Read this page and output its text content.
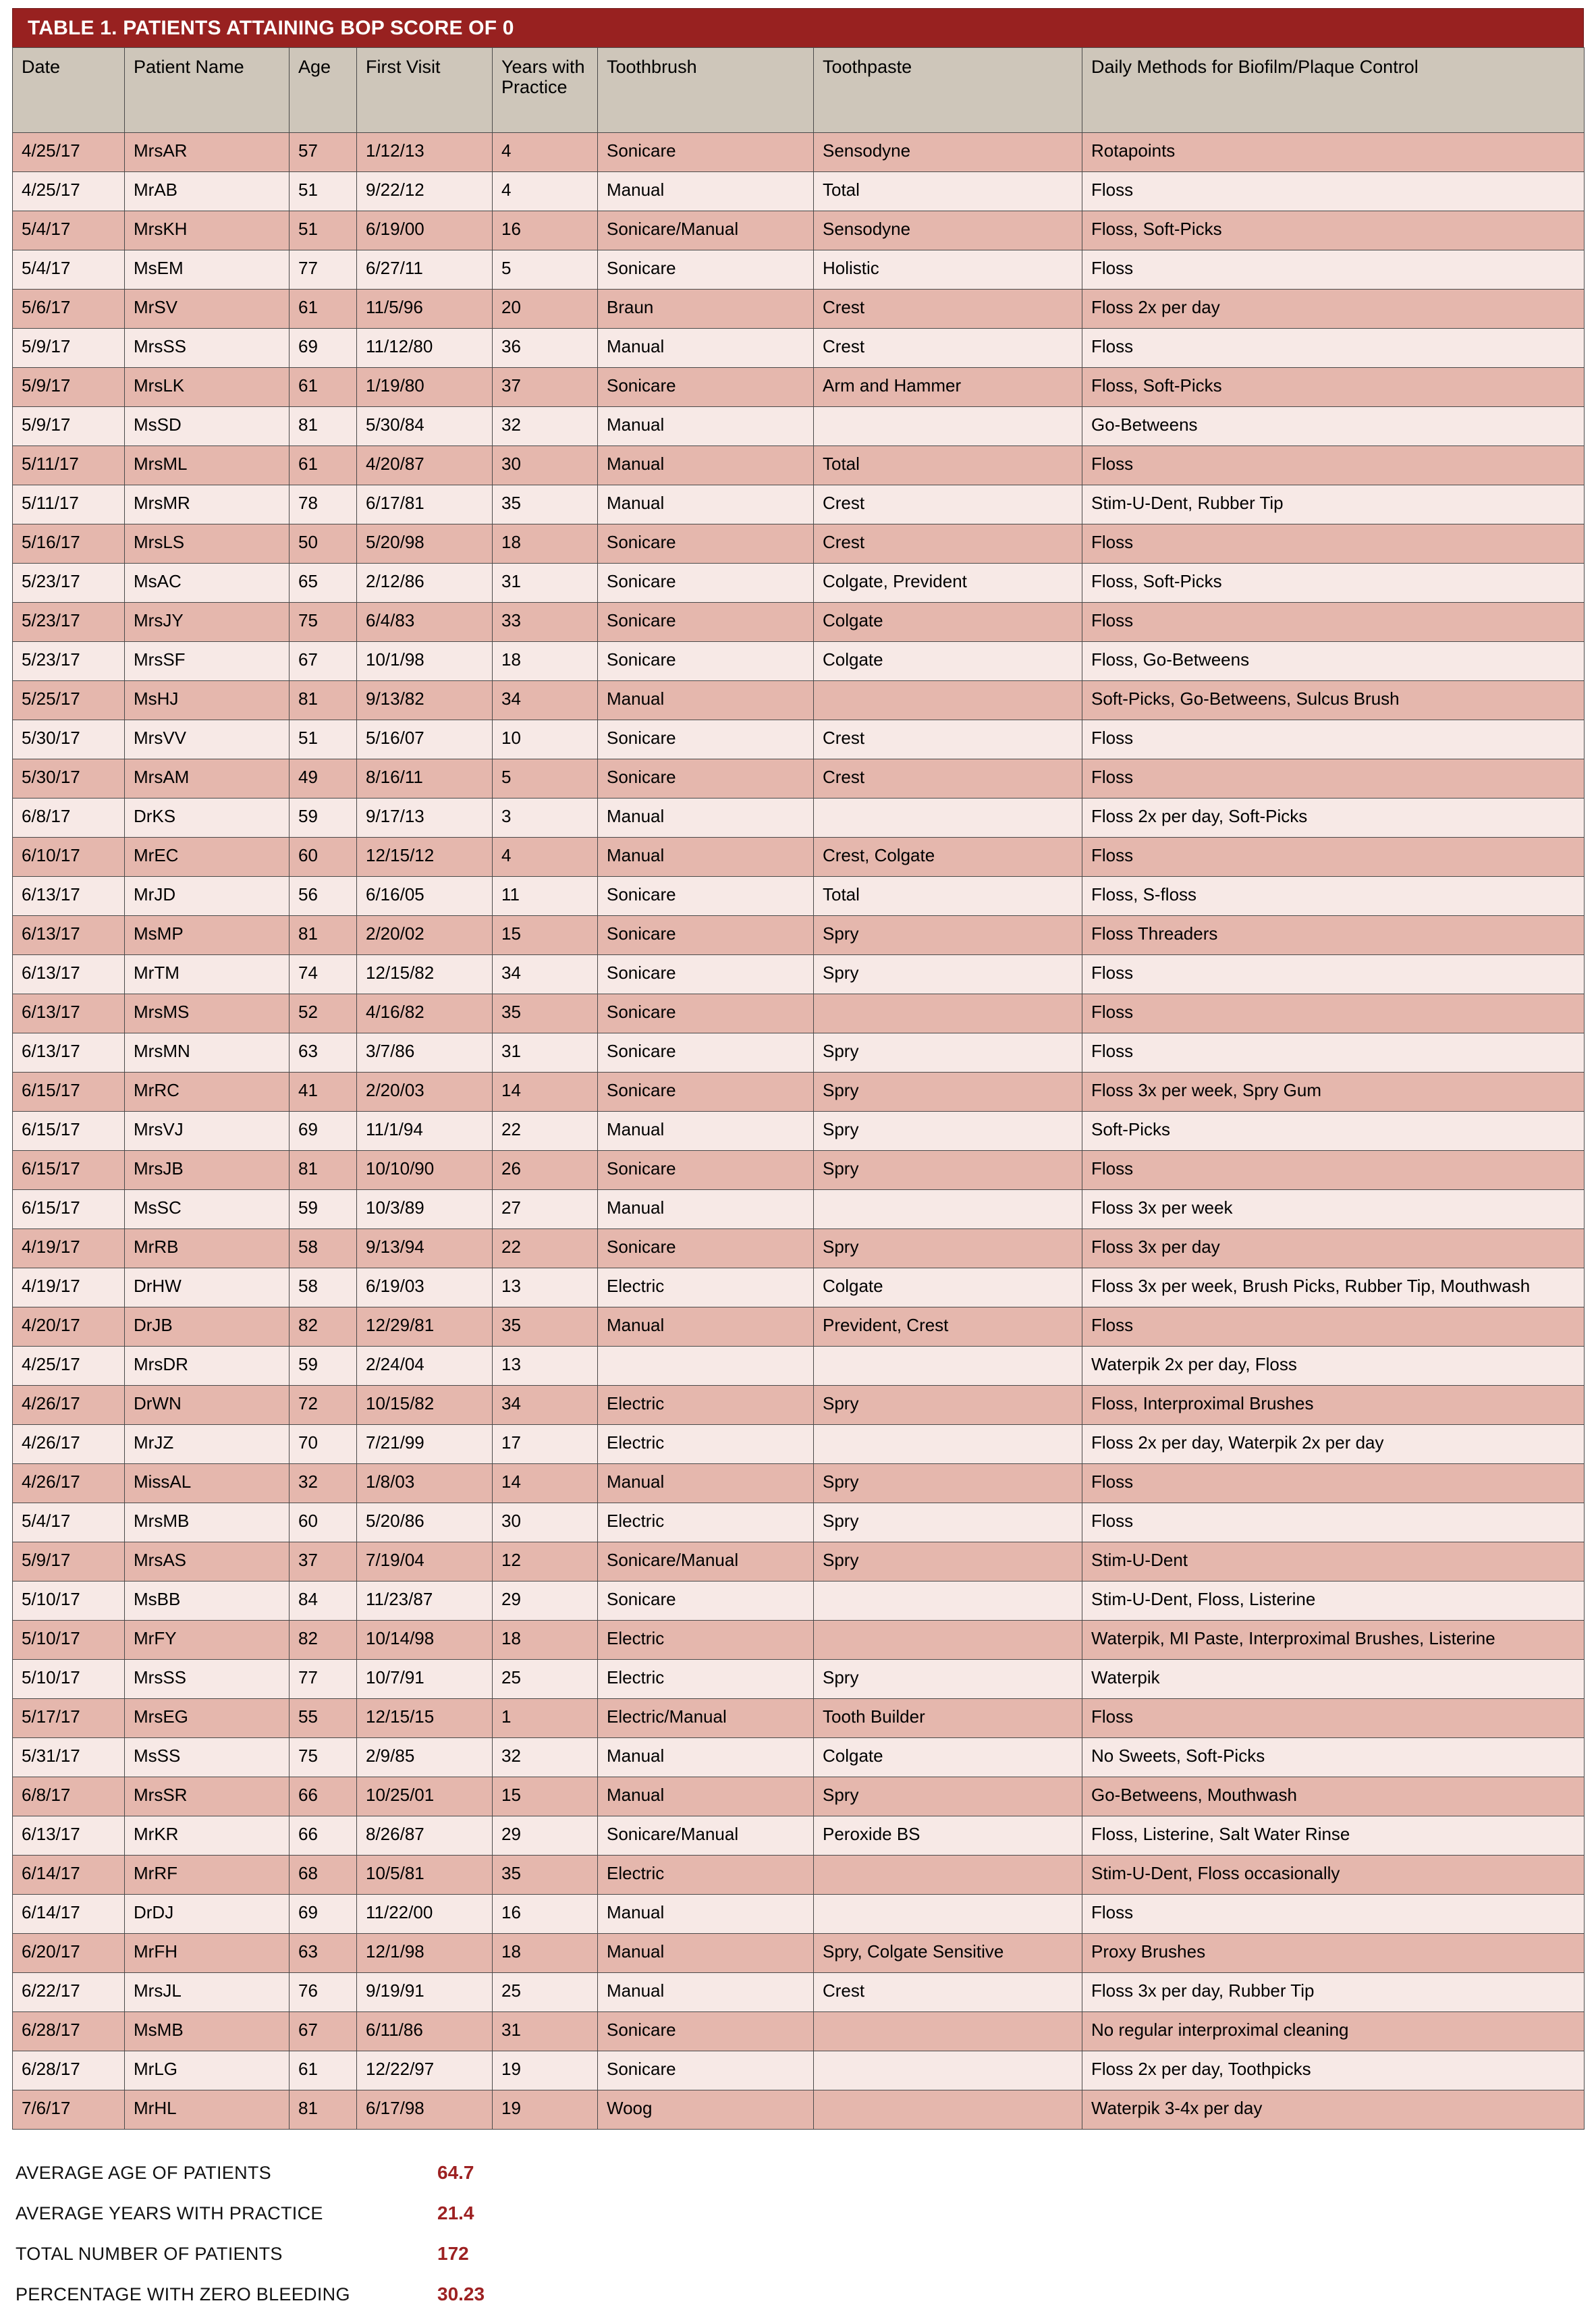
TABLE 1. PATIENTS ATTAINING BOP SCORE OF 0
Date	Patient Name	Age	First Visit	Years with Practice	Toothbrush	Toothpaste	Daily Methods for Biofilm/Plaque Control
4/25/17	MrsAR	57	1/12/13	4	Sonicare	Sensodyne	Rotapoints
4/25/17	MrAB	51	9/22/12	4	Manual	Total	Floss
5/4/17	MrsKH	51	6/19/00	16	Sonicare/Manual	Sensodyne	Floss, Soft-Picks
5/4/17	MsEM	77	6/27/11	5	Sonicare	Holistic	Floss
5/6/17	MrSV	61	11/5/96	20	Braun	Crest	Floss 2x per day
5/9/17	MrsSS	69	11/12/80	36	Manual	Crest	Floss
5/9/17	MrsLK	61	1/19/80	37	Sonicare	Arm and Hammer	Floss, Soft-Picks
5/9/17	MsSD	81	5/30/84	32	Manual		Go-Betweens
5/11/17	MrsML	61	4/20/87	30	Manual	Total	Floss
5/11/17	MrsMR	78	6/17/81	35	Manual	Crest	Stim-U-Dent, Rubber Tip
5/16/17	MrsLS	50	5/20/98	18	Sonicare	Crest	Floss
5/23/17	MsAC	65	2/12/86	31	Sonicare	Colgate, Prevident	Floss, Soft-Picks
5/23/17	MrsJY	75	6/4/83	33	Sonicare	Colgate	Floss
5/23/17	MrsSF	67	10/1/98	18	Sonicare	Colgate	Floss, Go-Betweens
5/25/17	MsHJ	81	9/13/82	34	Manual		Soft-Picks, Go-Betweens, Sulcus Brush
5/30/17	MrsVV	51	5/16/07	10	Sonicare	Crest	Floss
5/30/17	MrsAM	49	8/16/11	5	Sonicare	Crest	Floss
6/8/17	DrKS	59	9/17/13	3	Manual		Floss 2x per day, Soft-Picks
6/10/17	MrEC	60	12/15/12	4	Manual	Crest, Colgate	Floss
6/13/17	MrJD	56	6/16/05	11	Sonicare	Total	Floss, S-floss
6/13/17	MsMP	81	2/20/02	15	Sonicare	Spry	Floss Threaders
6/13/17	MrTM	74	12/15/82	34	Sonicare	Spry	Floss
6/13/17	MrsMS	52	4/16/82	35	Sonicare		Floss
6/13/17	MrsMN	63	3/7/86	31	Sonicare	Spry	Floss
6/15/17	MrRC	41	2/20/03	14	Sonicare	Spry	Floss 3x per week, Spry Gum
6/15/17	MrsVJ	69	11/1/94	22	Manual	Spry	Soft-Picks
6/15/17	MrsJB	81	10/10/90	26	Sonicare	Spry	Floss
6/15/17	MsSC	59	10/3/89	27	Manual		Floss 3x per week
4/19/17	MrRB	58	9/13/94	22	Sonicare	Spry	Floss 3x per day
4/19/17	DrHW	58	6/19/03	13	Electric	Colgate	Floss 3x per week, Brush Picks, Rubber Tip, Mouthwash
4/20/17	DrJB	82	12/29/81	35	Manual	Prevident, Crest	Floss
4/25/17	MrsDR	59	2/24/04	13			Waterpik 2x per day, Floss
4/26/17	DrWN	72	10/15/82	34	Electric	Spry	Floss, Interproximal Brushes
4/26/17	MrJZ	70	7/21/99	17	Electric		Floss 2x per day, Waterpik 2x per day
4/26/17	MissAL	32	1/8/03	14	Manual	Spry	Floss
5/4/17	MrsMB	60	5/20/86	30	Electric	Spry	Floss
5/9/17	MrsAS	37	7/19/04	12	Sonicare/Manual	Spry	Stim-U-Dent
5/10/17	MsBB	84	11/23/87	29	Sonicare		Stim-U-Dent, Floss, Listerine
5/10/17	MrFY	82	10/14/98	18	Electric		Waterpik, MI Paste, Interproximal Brushes, Listerine
5/10/17	MrsSS	77	10/7/91	25	Electric	Spry	Waterpik
5/17/17	MrsEG	55	12/15/15	1	Electric/Manual	Tooth Builder	Floss
5/31/17	MsSS	75	2/9/85	32	Manual	Colgate	No Sweets, Soft-Picks
6/8/17	MrsSR	66	10/25/01	15	Manual	Spry	Go-Betweens, Mouthwash
6/13/17	MrKR	66	8/26/87	29	Sonicare/Manual	Peroxide BS	Floss, Listerine, Salt Water Rinse
6/14/17	MrRF	68	10/5/81	35	Electric		Stim-U-Dent, Floss occasionally
6/14/17	DrDJ	69	11/22/00	16	Manual		Floss
6/20/17	MrFH	63	12/1/98	18	Manual	Spry, Colgate Sensitive	Proxy Brushes
6/22/17	MrsJL	76	9/19/91	25	Manual	Crest	Floss 3x per day, Rubber Tip
6/28/17	MsMB	67	6/11/86	31	Sonicare		No regular interproximal cleaning
6/28/17	MrLG	61	12/22/97	19	Sonicare		Floss 2x per day, Toothpicks
7/6/17	MrHL	81	6/17/98	19	Woog		Waterpik 3-4x per day
AVERAGE AGE OF PATIENTS	64.7
AVERAGE YEARS WITH PRACTICE	21.4
TOTAL NUMBER OF PATIENTS	172
PERCENTAGE WITH ZERO BLEEDING	30.23
